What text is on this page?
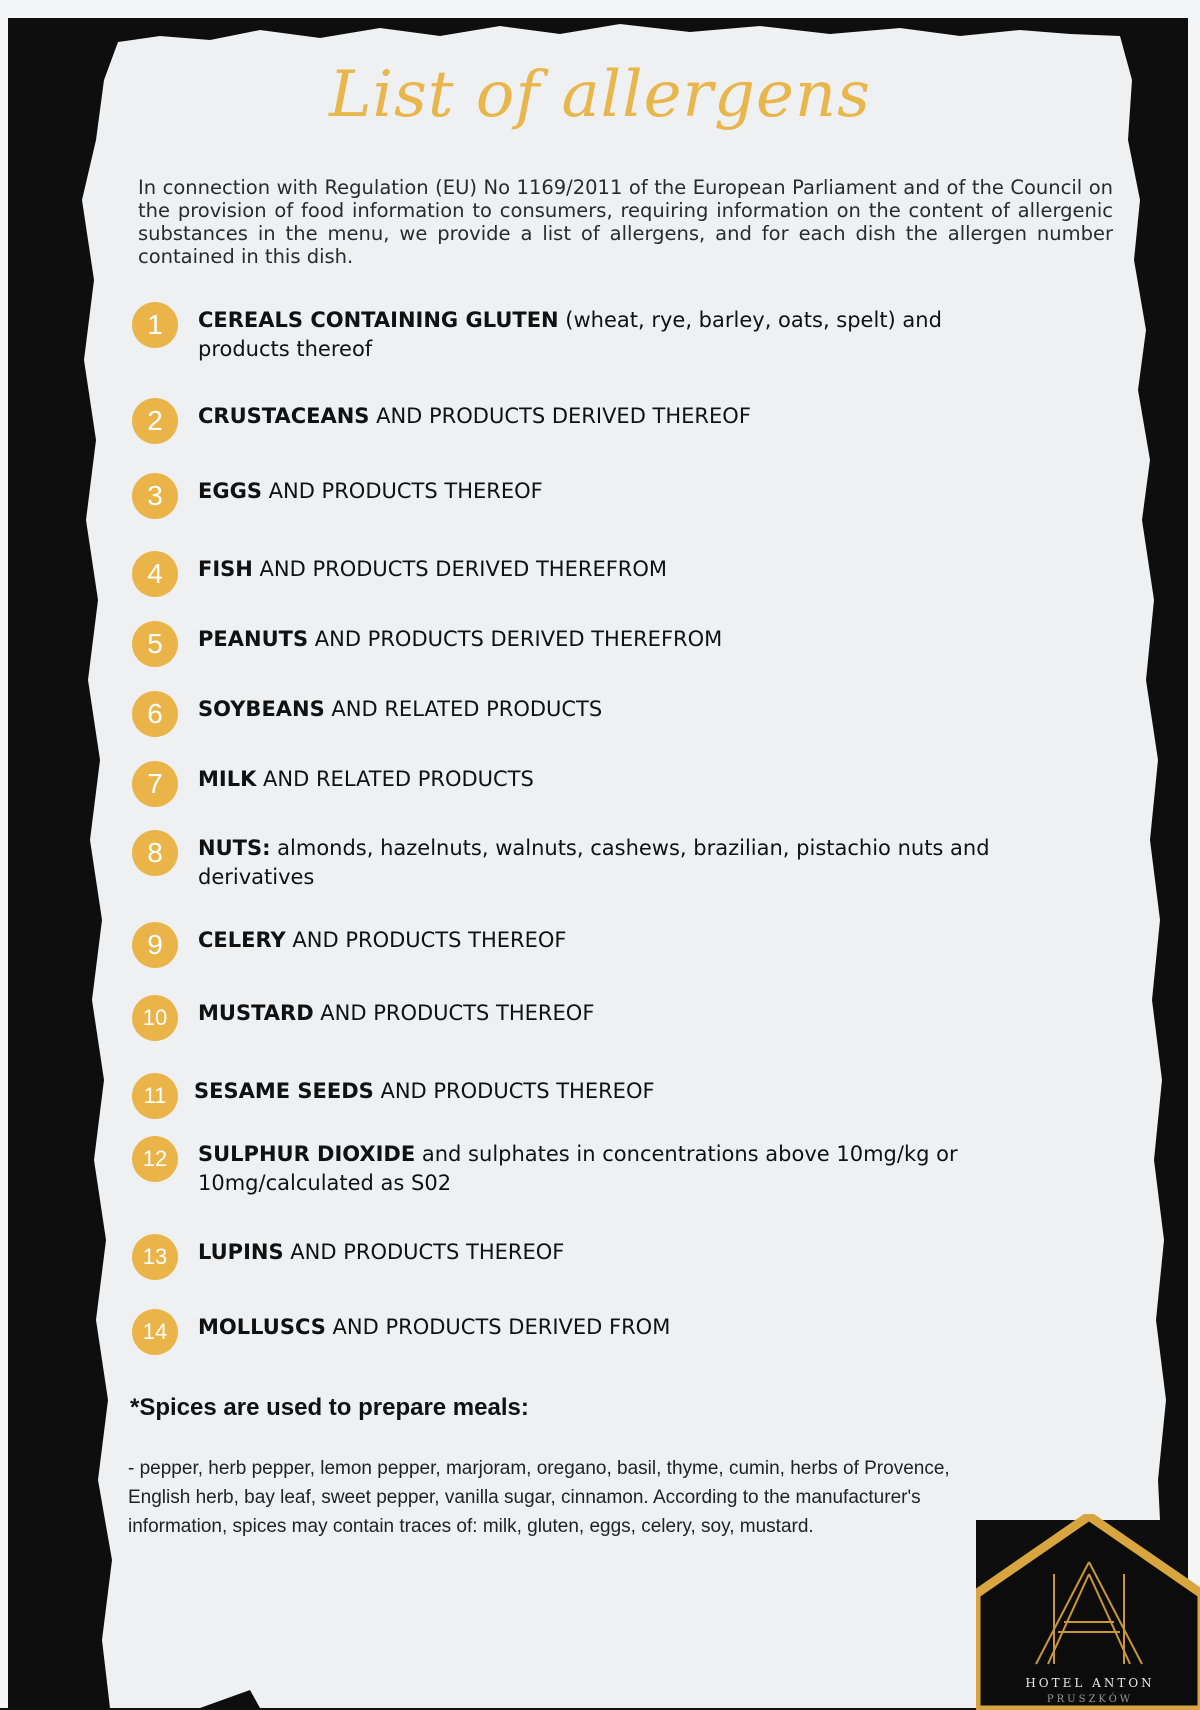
List of allergens
In connection with Regulation (EU) No 1169/2011 of the European Parliament and of the Council on the provision of food information to consumers, requiring information on the content of allergenic substances in the menu, we provide a list of allergens, and for each dish the allergen number contained in this dish.
1	CEREALS CONTAINING GLUTEN (wheat, rye, barley, oats, spelt) and products thereof
2	CRUSTACEANS AND PRODUCTS DERIVED THEREOF
3	EGGS AND PRODUCTS THEREOF
4	FISH AND PRODUCTS DERIVED THEREFROM
5	PEANUTS AND PRODUCTS DERIVED THEREFROM
6	SOYBEANS AND RELATED PRODUCTS
7	MILK AND RELATED PRODUCTS
8	NUTS: almonds, hazelnuts, walnuts, cashews, brazilian, pistachio nuts and derivatives
9	CELERY AND PRODUCTS THEREOF
10	MUSTARD AND PRODUCTS THEREOF
11	SESAME SEEDS AND PRODUCTS THEREOF
12	SULPHUR DIOXIDE and sulphates in concentrations above 10mg/kg or 10mg/calculated as S02
13	LUPINS AND PRODUCTS THEREOF
14	MOLLUSCS AND PRODUCTS DERIVED FROM
*Spices are used to prepare meals:
- pepper, herb pepper, lemon pepper, marjoram, oregano, basil, thyme, cumin, herbs of Provence, English herb, bay leaf, sweet pepper, vanilla sugar, cinnamon. According to the manufacturer's information, spices may contain traces of: milk, gluten, eggs, celery, soy, mustard.
HOTEL ANTON
PRUSZKÓW
